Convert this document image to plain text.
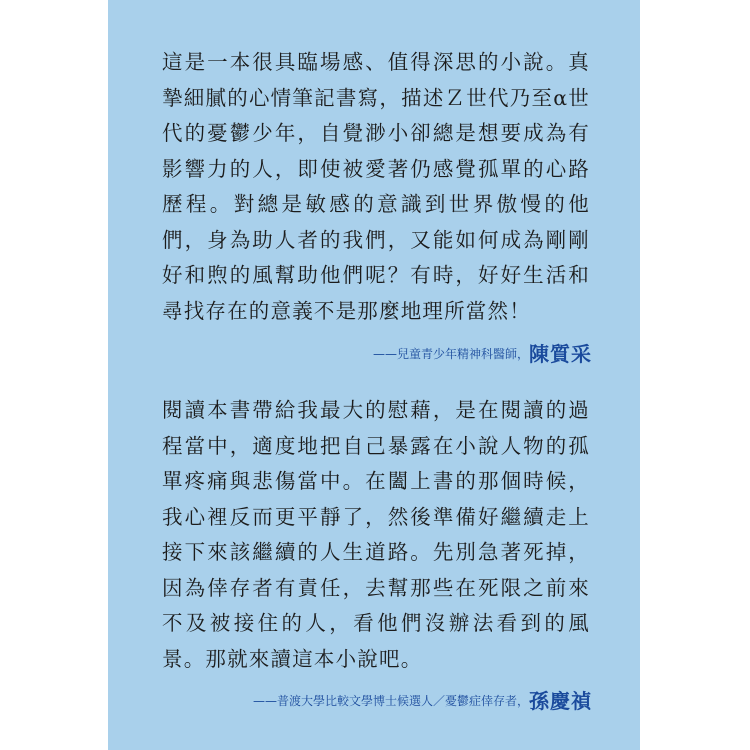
這是一本很具臨場感、值得深思的小說。真摯細膩的心情筆記書寫，描述Ｚ世代乃至α世代的憂鬱少年，自覺渺小卻總是想要成為有影響力的人，即使被愛著仍感覺孤單的心路歷程。對總是敏感的意識到世界傲慢的他們，身為助人者的我們，又能如何成為剛剛好和煦的風幫助他們呢？有時，好好生活和尋找存在的意義不是那麼地理所當然！

——兒童青少年精神科醫師，陳質采

閱讀本書帶給我最大的慰藉，是在閱讀的過程當中，適度地把自己暴露在小說人物的孤單疼痛與悲傷當中。在闔上書的那個時候，我心裡反而更平靜了，然後準備好繼續走上接下來該繼續的人生道路。先別急著死掉，因為倖存者有責任，去幫那些在死限之前來不及被接住的人，看他們沒辦法看到的風景。那就來讀這本小說吧。

——普渡大學比較文學博士候選人／憂鬱症倖存者，孫慶禎
